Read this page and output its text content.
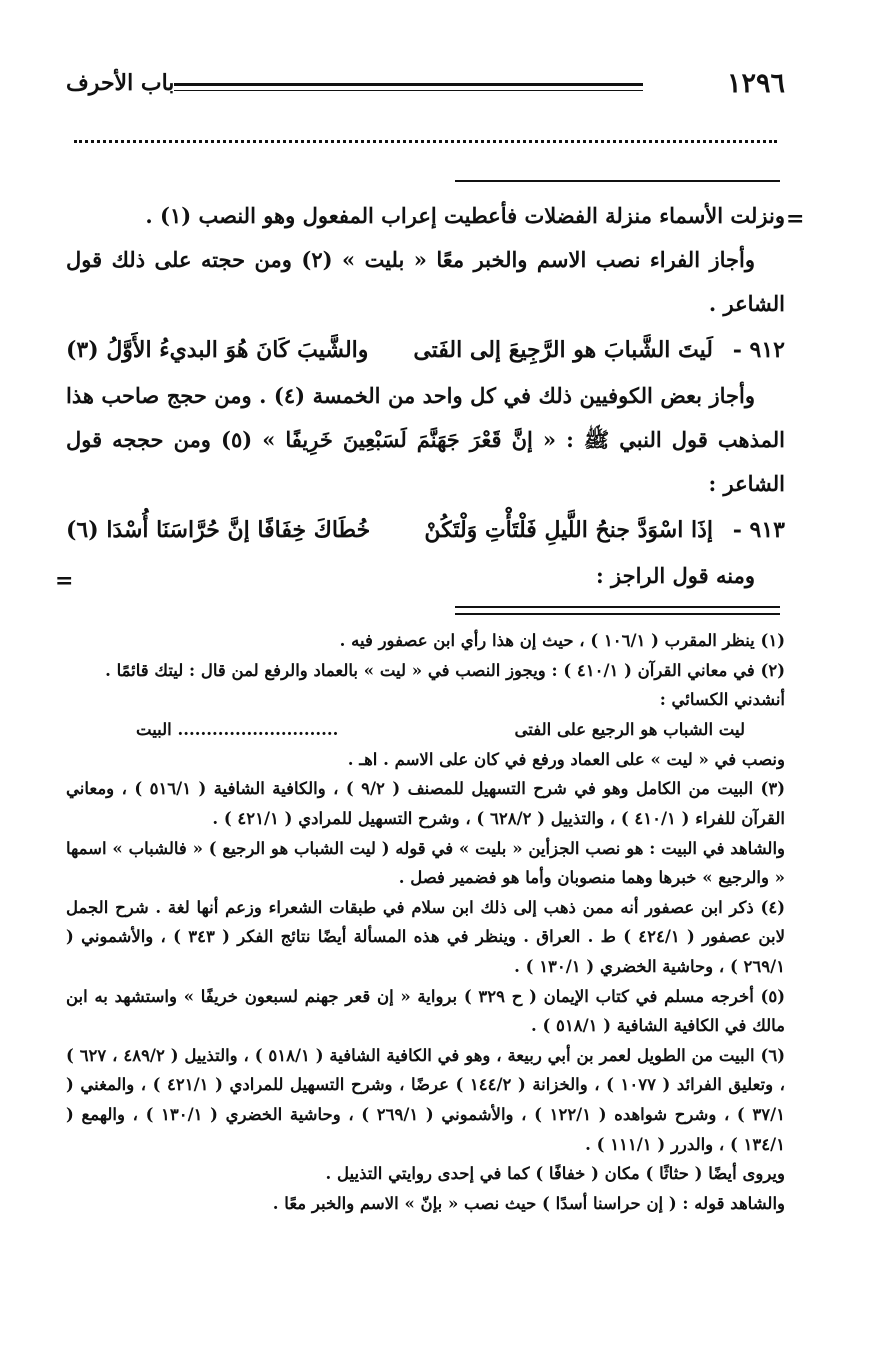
١٢٩٦
باب الأحرف
=
ونزلت الأسماء منزلة الفضلات فأعطيت إعراب المفعول وهو النصب (١) .
وأجاز الفراء نصب الاسم والخبر معًا « بليت » (٢) ومن حجته على ذلك قول الشاعر .
٩١٢ -
لَيتَ الشَّبابَ هو الرَّجِيعَ إلى الفَتى
والشَّيبَ كَانَ هُوَ البديءُ الأَوَّلُ (٣)
وأجاز بعض الكوفيين ذلك في كل واحد من الخمسة (٤) . ومن حجج صاحب هذا المذهب قول النبي ﷺ : « إنَّ قَعْرَ جَهَنَّمَ لَسَبْعِينَ خَرِيفًا » (٥) ومن حججه قول الشاعر :
٩١٣ -
إذَا اسْوَدَّ جنحُ اللَّيلِ فَلْتَأْتِ وَلْتَكُنْ
خُطَاكَ خِفَافًا إنَّ حُرَّاسَنَا أُسْدَا (٦)
ومنه قول الراجز :
=

(١) ينظر المقرب ( ١٠٦/١ ) ، حيث إن هذا رأي ابن عصفور فيه .

(٢) في معاني القرآن ( ٤١٠/١ ) : ويجوز النصب في « ليت » بالعماد والرفع لمن قال : ليتك قائمًا .

أنشدني الكسائي :

ليت الشباب هو الرجيع على الفتى
............................ البيت

ونصب في « ليت » على العماد ورفع في كان على الاسم . اهـ .

(٣) البيت من الكامل وهو في شرح التسهيل للمصنف ( ٩/٢ ) ، والكافية الشافية ( ٥١٦/١ ) ، ومعاني القرآن للفراء ( ٤١٠/١ ) ، والتذييل ( ٦٢٨/٢ ) ، وشرح التسهيل للمرادي ( ٤٢١/١ ) .

والشاهد في البيت : هو نصب الجزأين « بليت » في قوله ( ليت الشباب هو الرجيع ) « فالشباب » اسمها « والرجيع » خبرها وهما منصوبان وأما هو فضمير فصل .

(٤) ذكر ابن عصفور أنه ممن ذهب إلى ذلك ابن سلام في طبقات الشعراء وزعم أنها لغة . شرح الجمل لابن عصفور ( ٤٢٤/١ ) ط . العراق . وينظر في هذه المسألة أيضًا نتائج الفكر ( ٣٤٣ ) ، والأشموني ( ٢٦٩/١ ) ، وحاشية الخضري ( ١٣٠/١ ) .

(٥) أخرجه مسلم في كتاب الإيمان ( ح ٣٢٩ ) برواية « إن قعر جهنم لسبعون خريفًا » واستشهد به ابن مالك في الكافية الشافية ( ٥١٨/١ ) .

(٦) البيت من الطويل لعمر بن أبي ربيعة ، وهو في الكافية الشافية ( ٥١٨/١ ) ، والتذييل ( ٤٨٩/٢ ، ٦٢٧ ) ، وتعليق الفرائد ( ١٠٧٧ ) ، والخزانة ( ١٤٤/٢ ) عرضًا ، وشرح التسهيل للمرادي ( ٤٢١/١ ) ، والمغني ( ٣٧/١ ) ، وشرح شواهده ( ١٢٢/١ ) ، والأشموني ( ٢٦٩/١ ) ، وحاشية الخضري ( ١٣٠/١ ) ، والهمع ( ١٣٤/١ ) ، والدرر ( ١١١/١ ) .

ويروى أيضًا ( حثاثًا ) مكان ( خفافًا ) كما في إحدى روايتي التذييل .

والشاهد قوله : ( إن حراسنا أسدًا ) حيث نصب « بإنّ » الاسم والخبر معًا .
